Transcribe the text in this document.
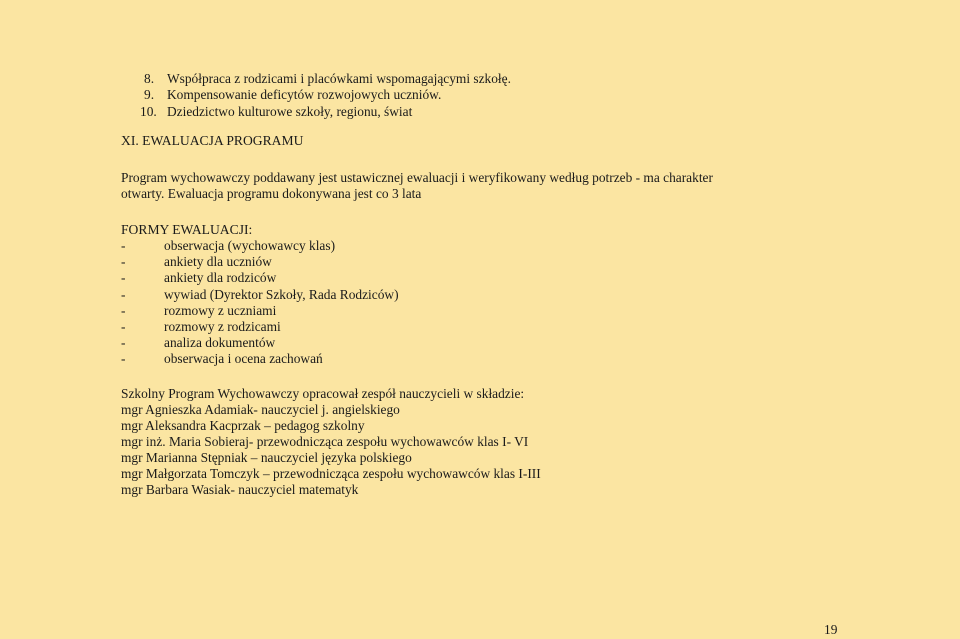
8. Współpraca z rodzicami i placówkami wspomagającymi szkołę.
9. Kompensowanie deficytów rozwojowych uczniów.
10. Dziedzictwo kulturowe szkoły, regionu, świat
XI. EWALUACJA PROGRAMU
Program wychowawczy poddawany jest ustawicznej ewaluacji i weryfikowany według potrzeb - ma charakter
otwarty. Ewaluacja programu dokonywana jest co 3 lata
FORMY EWALUACJI:
-	obserwacja (wychowawcy klas)
-	ankiety dla uczniów
-	ankiety dla rodziców
-	wywiad (Dyrektor Szkoły, Rada Rodziców)
-	rozmowy z uczniami
-	rozmowy z rodzicami
-	analiza dokumentów
-	obserwacja i ocena zachowań
Szkolny Program Wychowawczy opracował zespół nauczycieli w składzie:
mgr Agnieszka Adamiak- nauczyciel j. angielskiego
mgr Aleksandra Kacprzak – pedagog szkolny
mgr inż. Maria Sobieraj- przewodnicząca zespołu wychowawców klas I- VI
mgr Marianna Stępniak – nauczyciel języka polskiego
mgr Małgorzata Tomczyk – przewodnicząca zespołu wychowawców klas I-III
mgr Barbara Wasiak- nauczyciel matematyk
19
